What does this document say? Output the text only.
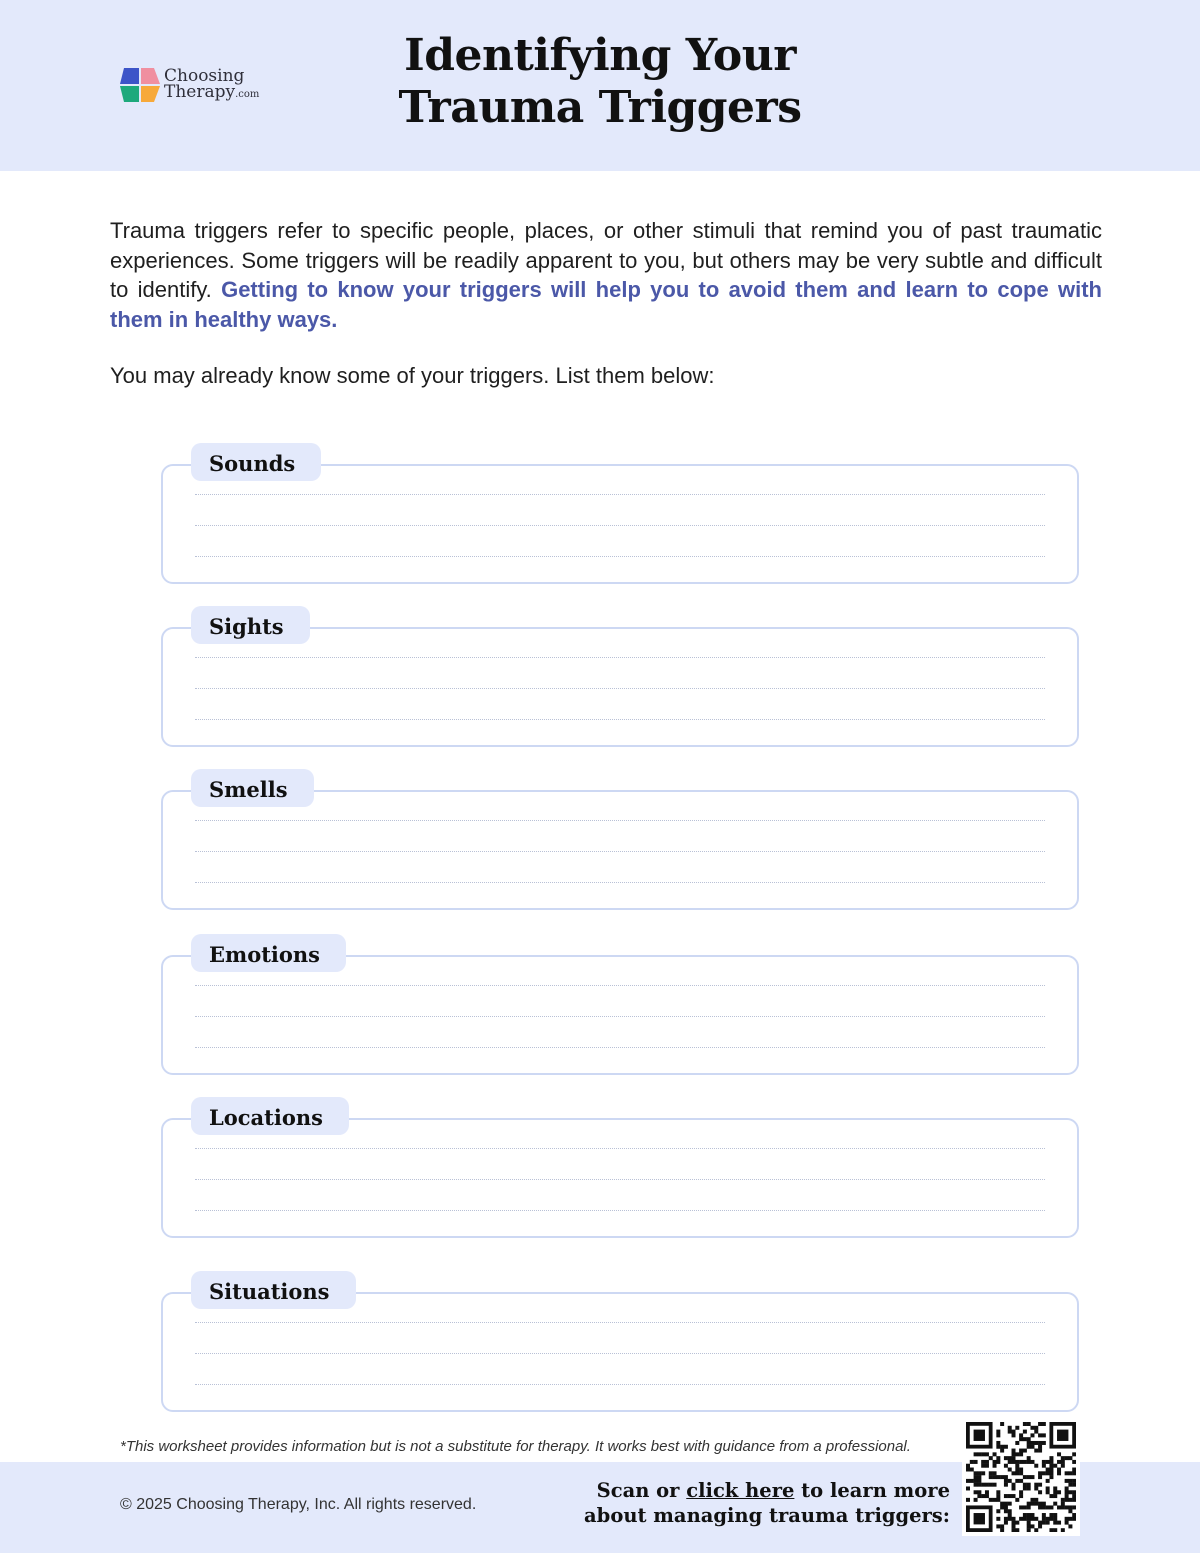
Choosing
Therapy.com
Identifying Your
Trauma Triggers

Trauma triggers refer to specific people, places, or other stimuli that remind you of past traumatic experiences. Some triggers will be readily apparent to you, but others may be very subtle and difficult to identify. Getting to know your triggers will help you to avoid them and learn to cope with them in healthy ways.

You may already know some of your triggers. List them below:

Sounds
Sights
Smells
Emotions
Locations
Situations

*This worksheet provides information but is not a substitute for therapy. It works best with guidance from a professional.

© 2025 Choosing Therapy, Inc. All rights reserved.

Scan or click here to learn more
about managing trauma triggers:
